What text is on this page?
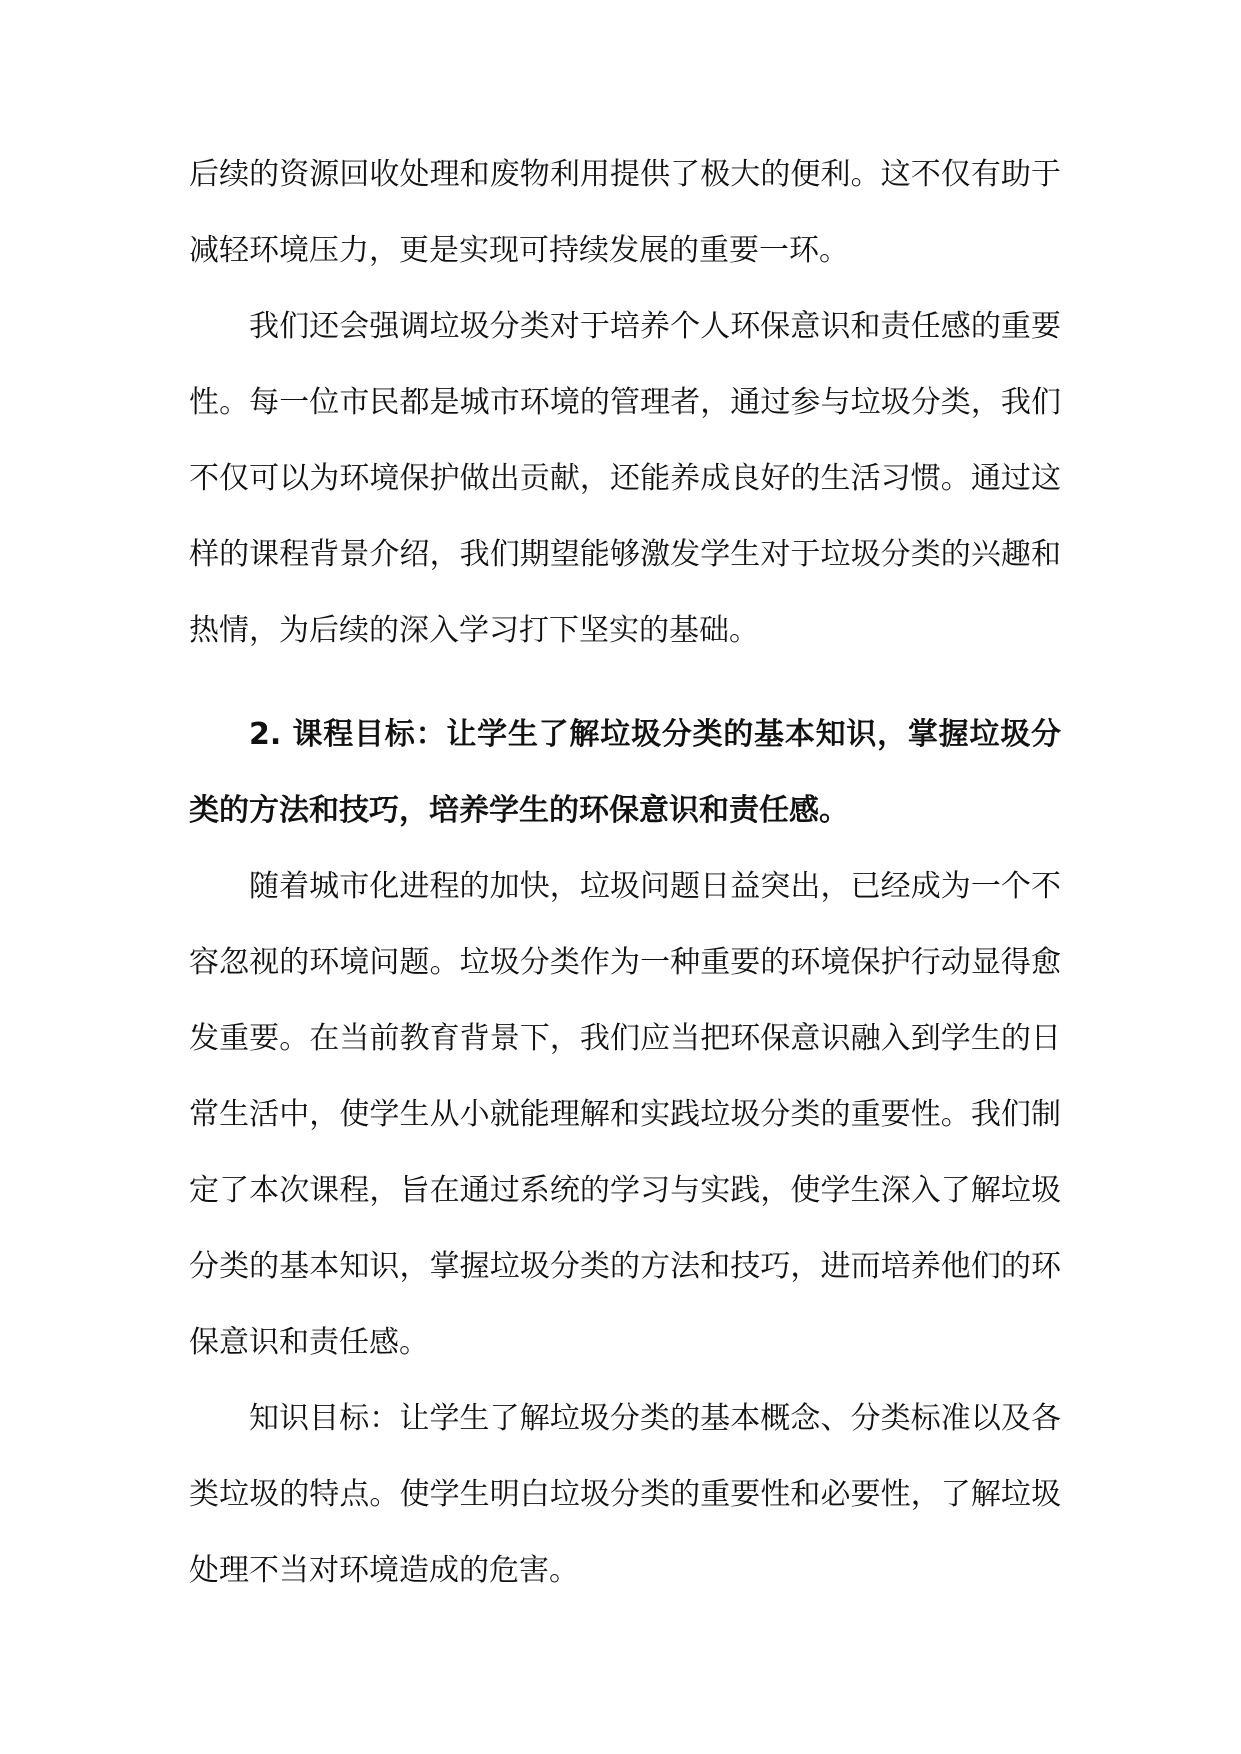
后续的资源回收处理和废物利用提供了极大的便利。这不仅有助于减轻环境压力，更是实现可持续发展的重要一环。

我们还会强调垃圾分类对于培养个人环保意识和责任感的重要性。每一位市民都是城市环境的管理者，通过参与垃圾分类，我们不仅可以为环境保护做出贡献，还能养成良好的生活习惯。通过这样的课程背景介绍，我们期望能够激发学生对于垃圾分类的兴趣和热情，为后续的深入学习打下坚实的基础。

2. 课程目标：让学生了解垃圾分类的基本知识，掌握垃圾分类的方法和技巧，培养学生的环保意识和责任感。

随着城市化进程的加快，垃圾问题日益突出，已经成为一个不容忽视的环境问题。垃圾分类作为一种重要的环境保护行动显得愈发重要。在当前教育背景下，我们应当把环保意识融入到学生的日常生活中，使学生从小就能理解和实践垃圾分类的重要性。我们制定了本次课程，旨在通过系统的学习与实践，使学生深入了解垃圾分类的基本知识，掌握垃圾分类的方法和技巧，进而培养他们的环保意识和责任感。

知识目标：让学生了解垃圾分类的基本概念、分类标准以及各类垃圾的特点。使学生明白垃圾分类的重要性和必要性，了解垃圾处理不当对环境造成的危害。
